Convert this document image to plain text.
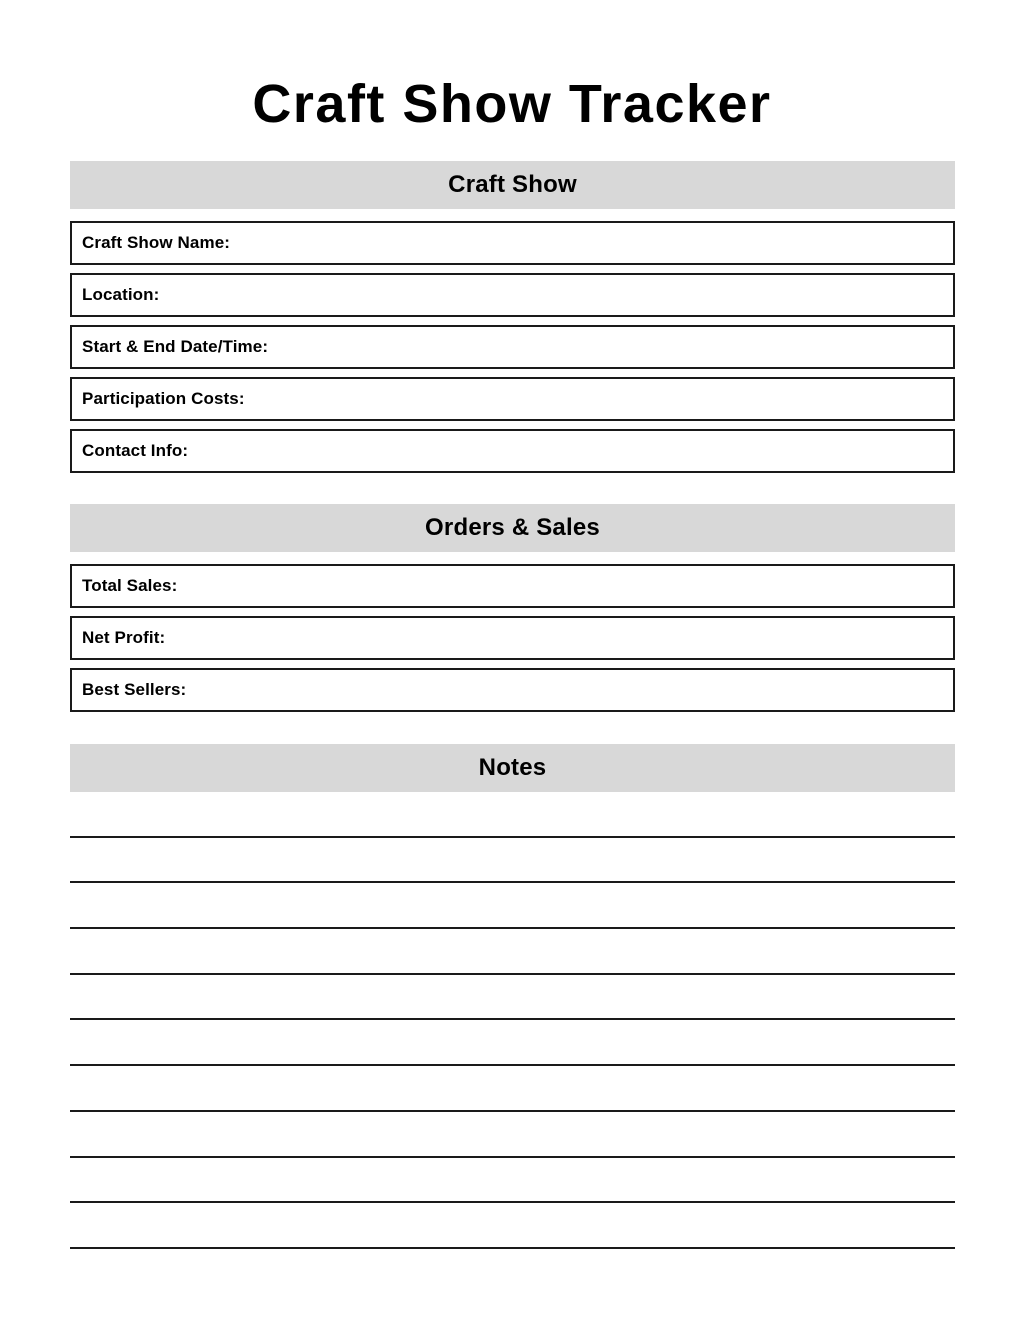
Craft Show Tracker
Craft Show
Craft Show Name:
Location:
Start & End Date/Time:
Participation Costs:
Contact Info:
Orders & Sales
Total Sales:
Net Profit:
Best Sellers:
Notes
